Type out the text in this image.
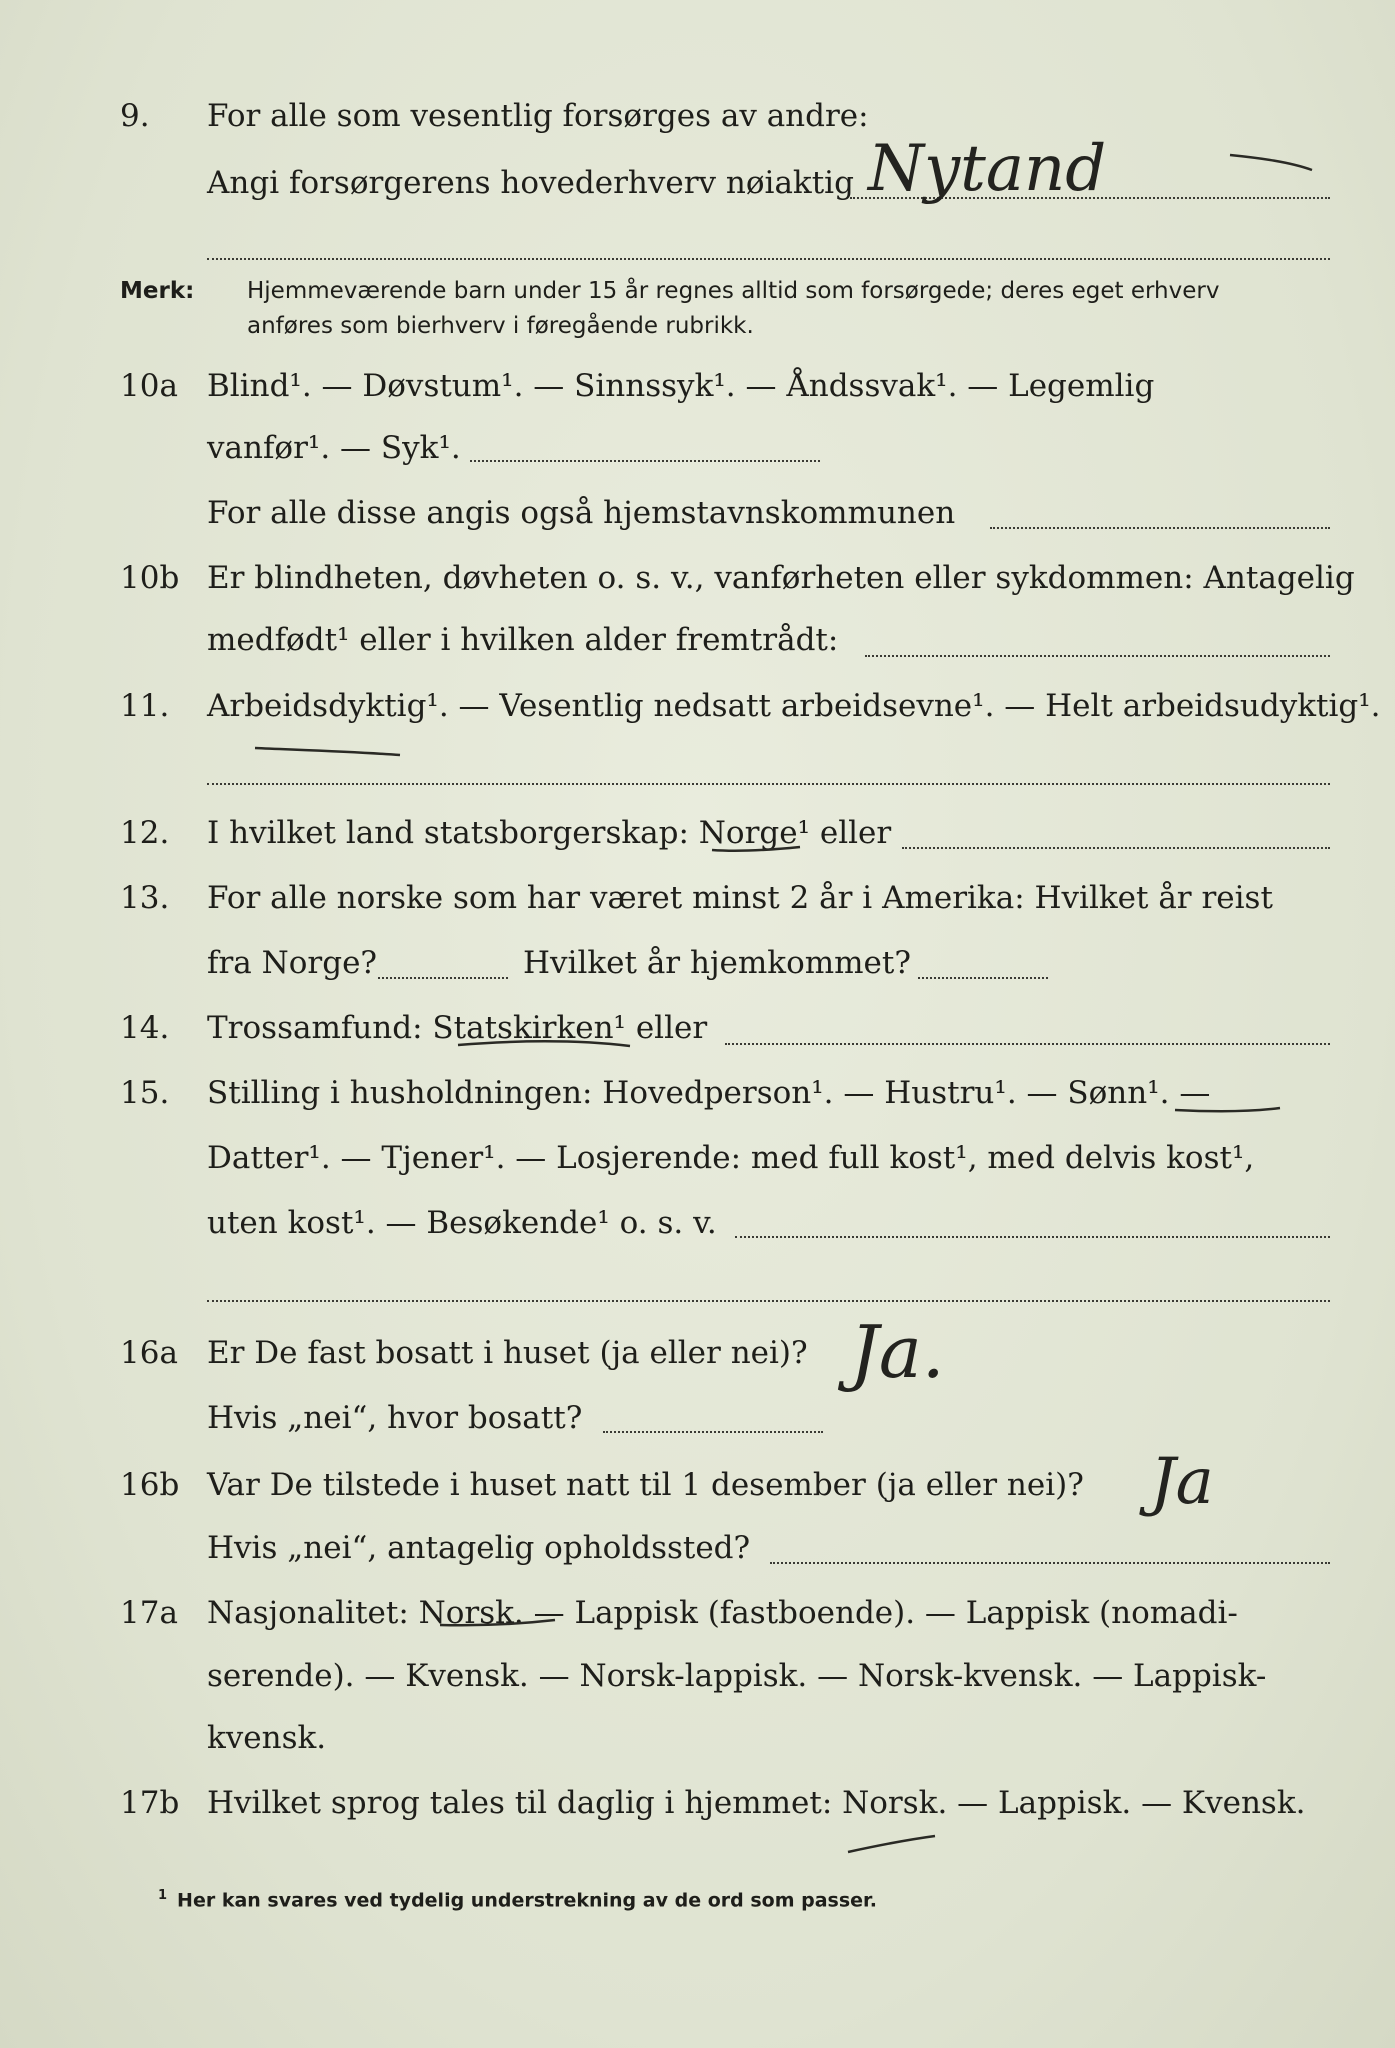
9. For alle som vesentlig forsørges av andre:
Angi forsørgerens hovederhverv nøiaktig Nytand
Merk: Hjemmeværende barn under 15 år regnes alltid som forsørgede; deres eget erhverv
anføres som bierhverv i føregående rubrikk.
10a Blind¹. — Døvstum¹. — Sinnssyk¹. — Åndssvak¹. — Legemlig
vanfør¹. — Syk¹.
For alle disse angis også hjemstavnskommunen
10b Er blindheten, døvheten o. s. v., vanførheten eller sykdommen: Antagelig
medfødt¹ eller i hvilken alder fremtrådt:
11. Arbeidsdyktig¹. — Vesentlig nedsatt arbeidsevne¹. — Helt arbeidsudyktig¹.
12. I hvilket land statsborgerskap: Norge¹ eller
13. For alle norske som har været minst 2 år i Amerika: Hvilket år reist
fra Norge?	Hvilket år hjemkommet?
14. Trossamfund: Statskirken¹ eller
15. Stilling i husholdningen: Hovedperson¹. — Hustru¹. — Sønn¹. —
Datter¹. — Tjener¹. — Losjerende: med full kost¹, med delvis kost¹,
uten kost¹. — Besøkende¹ o. s. v.
16a Er De fast bosatt i huset (ja eller nei)? Ja.
Hvis „nei“, hvor bosatt?
16b Var De tilstede i huset natt til 1 desember (ja eller nei)? Ja
Hvis „nei“, antagelig opholdssted?
17a Nasjonalitet: Norsk. — Lappisk (fastboende). — Lappisk (nomadi-
serende). — Kvensk. — Norsk-lappisk. — Norsk-kvensk. — Lappisk-
kvensk.
17b Hvilket sprog tales til daglig i hjemmet: Norsk. — Lappisk. — Kvensk.
$^1$ Her kan svares ved tydelig understrekning av de ord som passer.
